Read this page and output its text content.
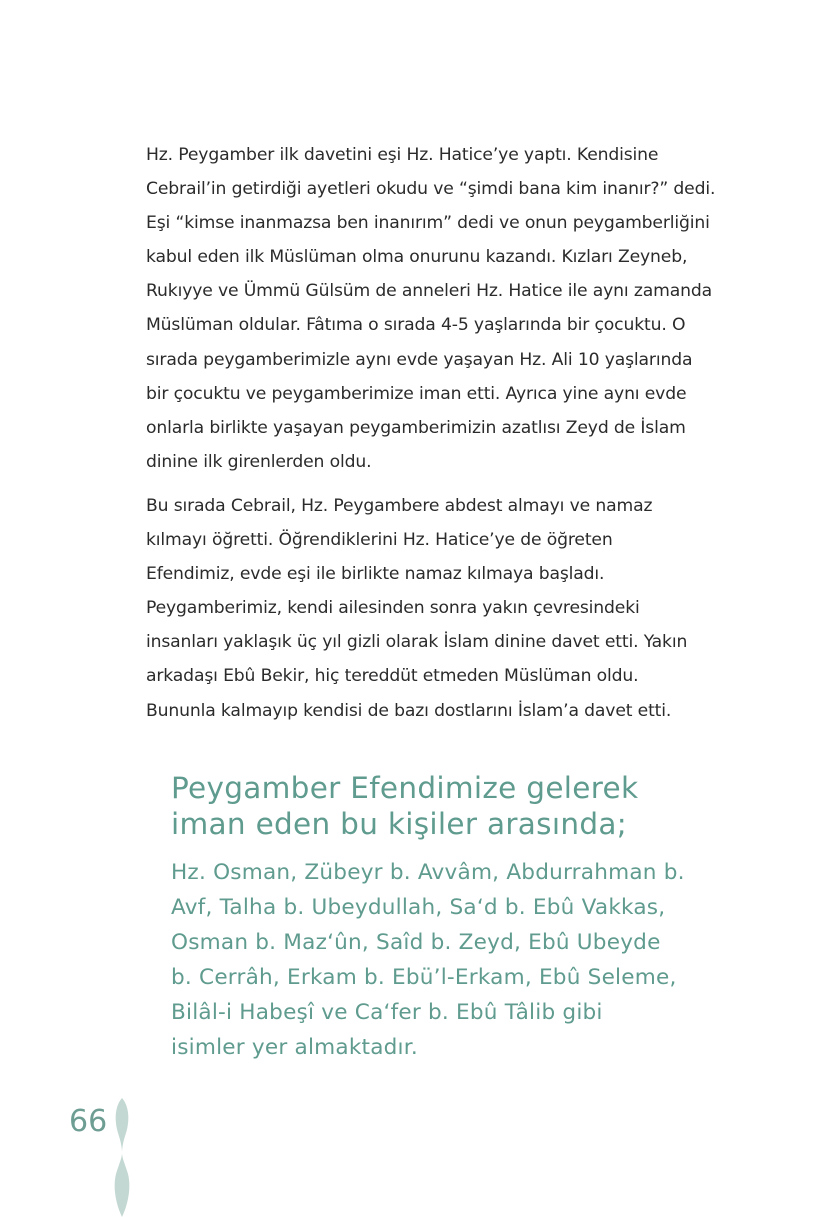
Hz. Peygamber ilk davetini eşi Hz. Hatice’ye yaptı. Kendisine
Cebrail’in getirdiği ayetleri okudu ve “şimdi bana kim inanır?” dedi.
Eşi “kimse inanmazsa ben inanırım” dedi ve onun peygamberliğini
kabul eden ilk Müslüman olma onurunu kazandı. Kızları Zeyneb,
Rukıyye ve Ümmü Gülsüm de anneleri Hz. Hatice ile aynı zamanda
Müslüman oldular. Fâtıma o sırada 4-5 yaşlarında bir çocuktu. O
sırada peygamberimizle aynı evde yaşayan Hz. Ali 10 yaşlarında
bir çocuktu ve peygamberimize iman etti. Ayrıca yine aynı evde
onlarla birlikte yaşayan peygamberimizin azatlısı Zeyd de İslam
dinine ilk girenlerden oldu.
Bu sırada Cebrail, Hz. Peygambere abdest almayı ve namaz
kılmayı öğretti. Öğrendiklerini Hz. Hatice’ye de öğreten
Efendimiz, evde eşi ile birlikte namaz kılmaya başladı.
Peygamberimiz, kendi ailesinden sonra yakın çevresindeki
insanları yaklaşık üç yıl gizli olarak İslam dinine davet etti. Yakın
arkadaşı Ebû Bekir, hiç tereddüt etmeden Müslüman oldu.
Bununla kalmayıp kendisi de bazı dostlarını İslam’a davet etti.
Peygamber Efendimize gelerek
iman eden bu kişiler arasında;
Hz. Osman, Zübeyr b. Avvâm, Abdurrahman b.
Avf, Talha b. Ubeydullah, Sa‘d b. Ebû Vakkas,
Osman b. Maz‘ûn, Saîd b. Zeyd, Ebû Ubeyde
b. Cerrâh, Erkam b. Ebü’l-Erkam, Ebû Seleme,
Bilâl-i Habeşî ve Ca‘fer b. Ebû Tâlib gibi
isimler yer almaktadır.
66
